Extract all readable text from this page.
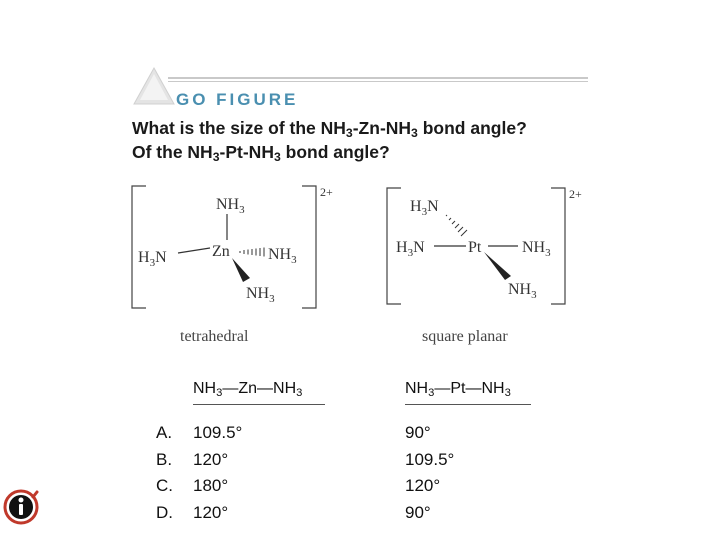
GO FIGURE
What is the size of the $NH_3-Zn-NH_3$ bond angle?
Of the $NH_3-Pt-NH_3$ bond angle?
2+
$NH_3$
$H_3N$	Zn $NH_3$
$NH_3$
2+
$H_3N$
$H_3N$	Pt	$NH_3$
$NH_3$
tetrahedral	square planar
$NH_3—Zn—NH_3$	$NH_3—Pt—NH_3$
A.	109.5°	90°
B.	120°	109.5°
C.	180°	120°
D.	120°	90°
